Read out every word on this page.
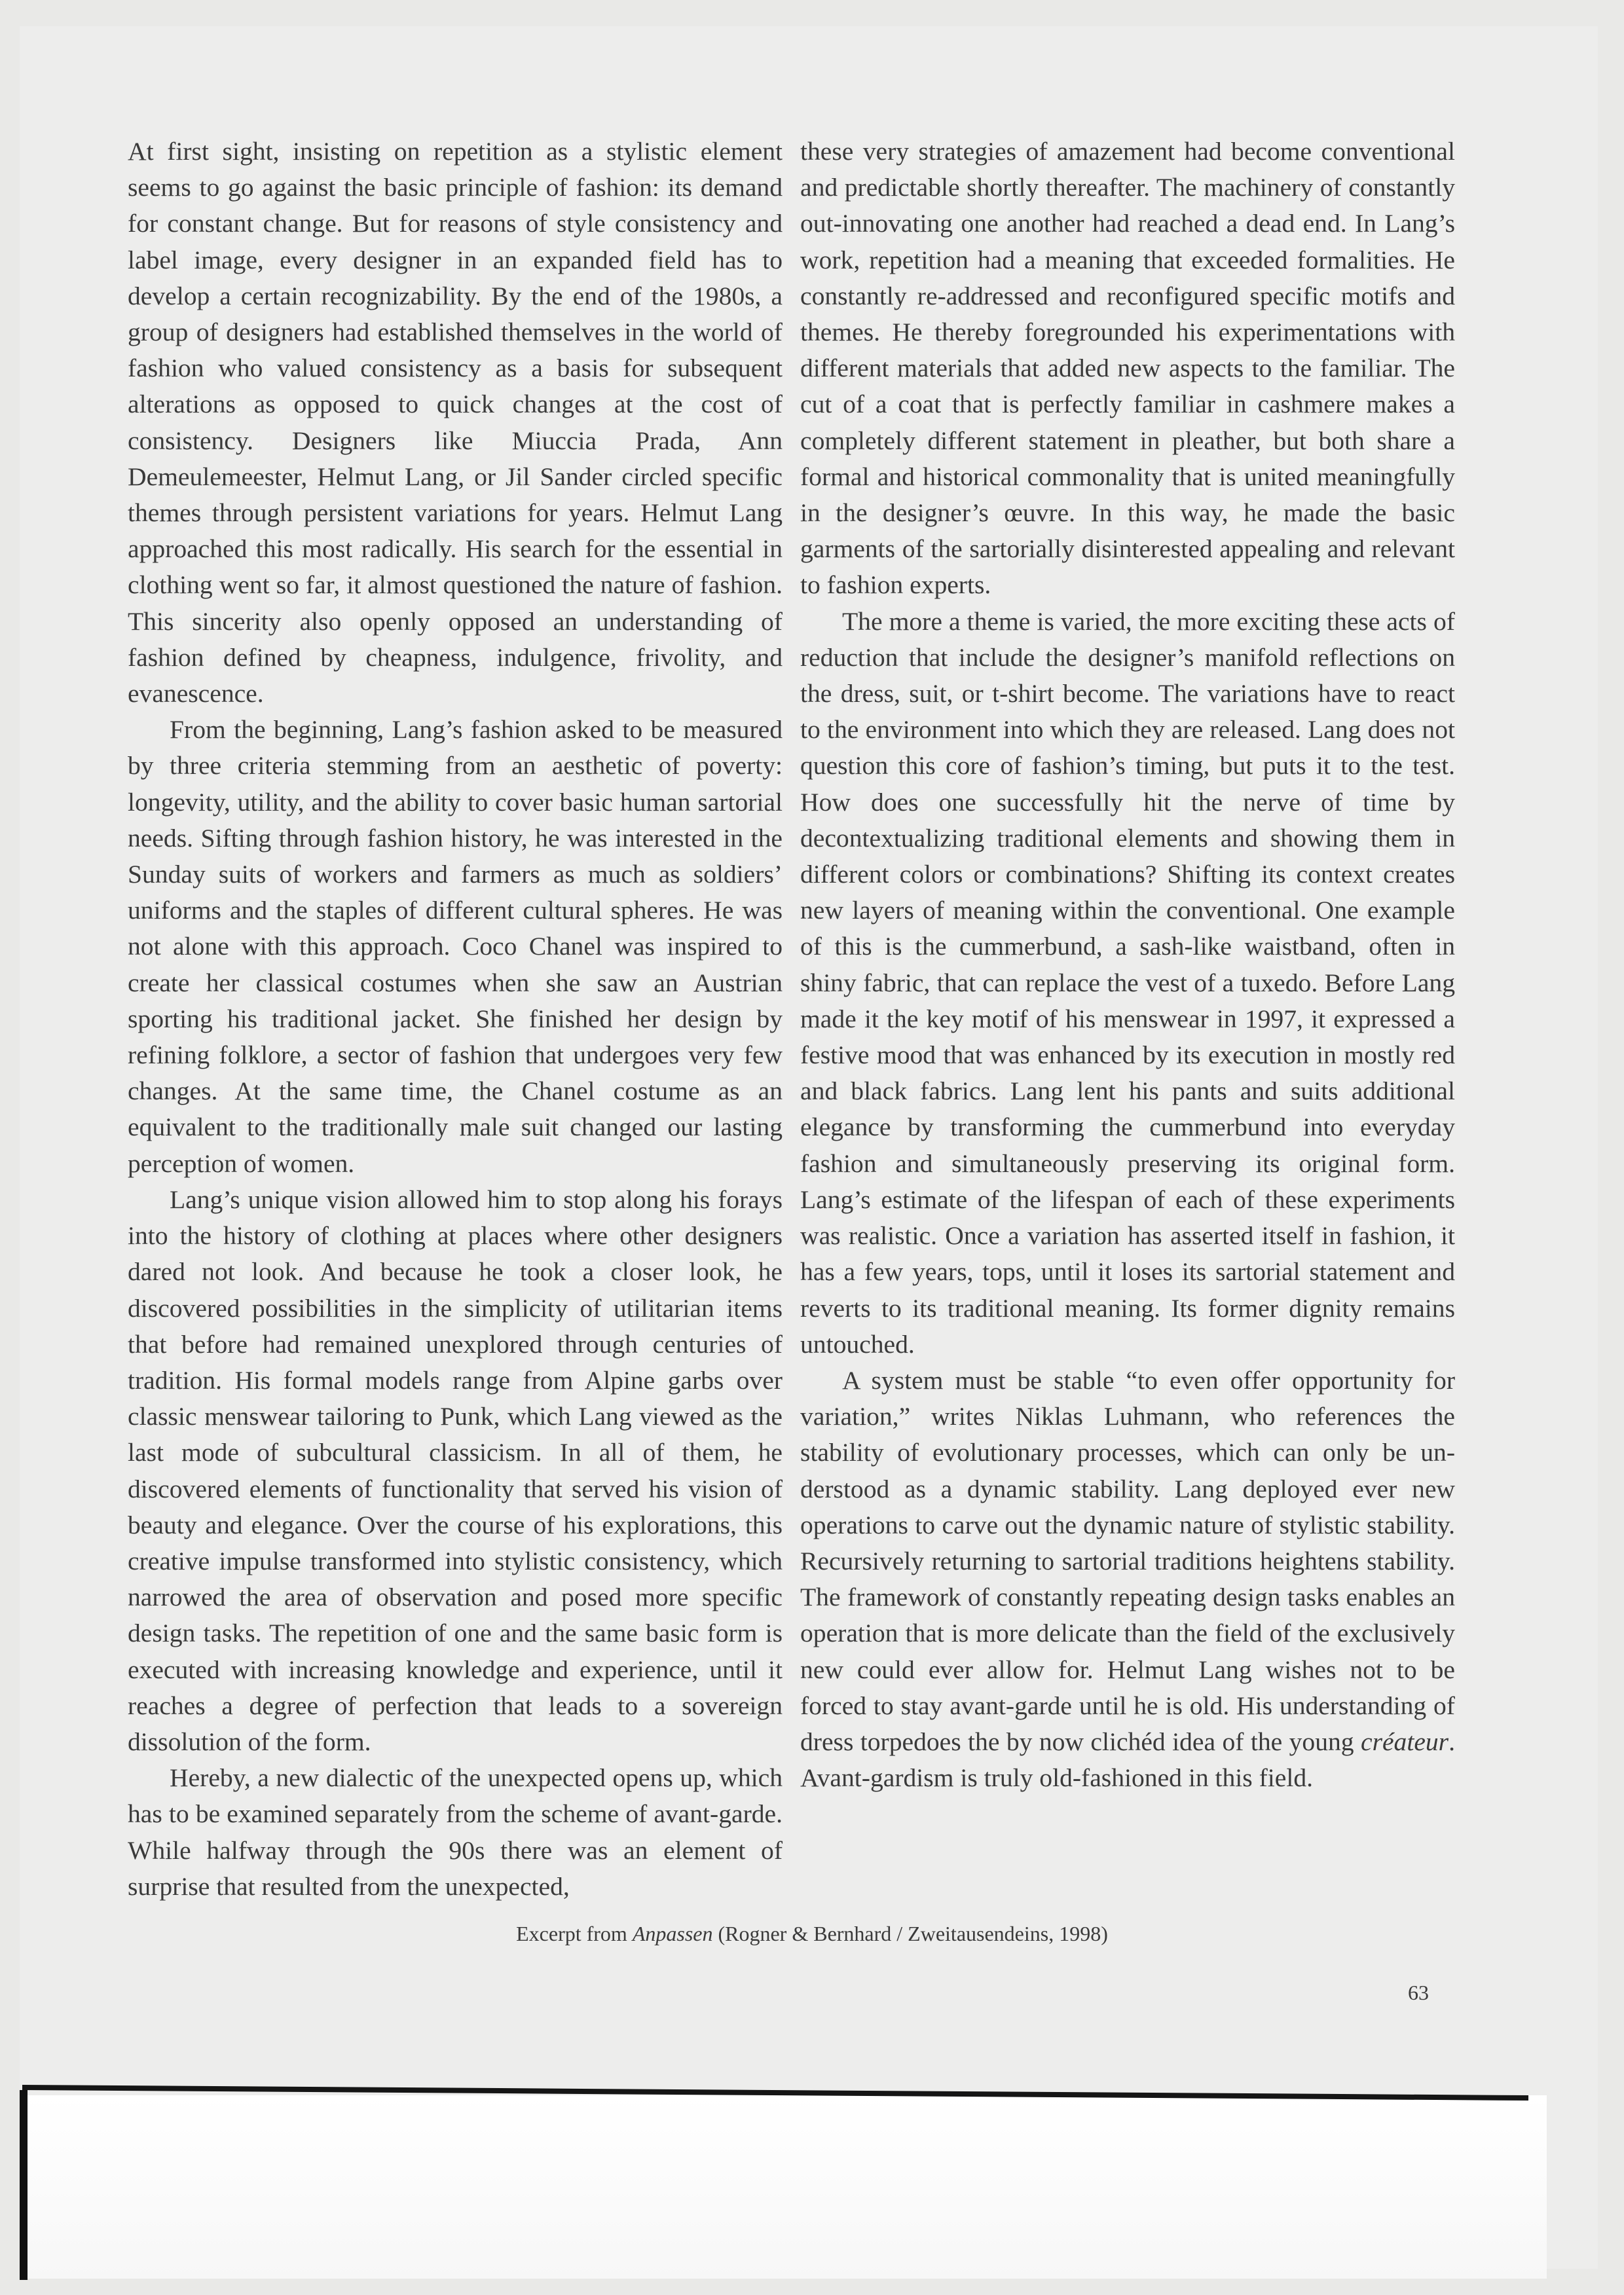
At first sight, insisting on repetition as a stylistic element seems to go against the basic principle of fashion: its demand for constant change. But for reasons of style consistency and label image, every designer in an expanded field has to develop a certain recognizability. By the end of the 1980s, a group of designers had established themselves in the world of fashion who valued consistency as a basis for subsequent alterations as opposed to quick changes at the cost of consistency. Designers like Miuccia Prada, Ann Demeulemeester, Helmut Lang, or Jil Sander circled specific themes through persistent variations for years. Helmut Lang approached this most radically. His search for the essential in clothing went so far, it almost questioned the nature of fashion. This sincerity also openly opposed an understanding of fashion defined by cheapness, indulgence, frivolity, and evanescence.

From the beginning, Lang’s fashion asked to be measured by three criteria stemming from an aesthetic of poverty: longevity, utility, and the ability to cover basic human sartorial needs. Sifting through fashion history, he was interested in the Sunday suits of workers and farmers as much as soldiers’ uniforms and the staples of different cultural spheres. He was not alone with this approach. Coco Chanel was inspired to create her classical costumes when she saw an Austrian sporting his traditional jacket. She finished her design by refining folklore, a sector of fashion that undergoes very few changes. At the same time, the Chanel costume as an equivalent to the traditionally male suit changed our lasting perception of women.

Lang’s unique vision allowed him to stop along his forays into the history of clothing at places where other designers dared not look. And because he took a closer look, he discovered possibilities in the simplicity of utilitarian items that before had remained unexplored through centuries of tradition. His formal models range from Alpine garbs over classic menswear tailoring to Punk, which Lang viewed as the last mode of subcultural classicism. In all of them, he discovered elements of functionality that served his vision of beauty and elegance. Over the course of his explorations, this creative impulse transformed into stylistic consistency, which narrowed the area of observation and posed more specific design tasks. The repetition of one and the same basic form is executed with increasing knowledge and experience, until it reaches a degree of perfection that leads to a sovereign dissolution of the form.

Hereby, a new dialectic of the unexpected opens up, which has to be examined separately from the scheme of avant-garde. While halfway through the 90s there was an element of surprise that resulted from the unexpected,

these very strategies of amazement had become conventional and predictable shortly thereafter. The machinery of constantly out-innovating one another had reached a dead end. In Lang’s work, repetition had a meaning that exceeded formalities. He constantly re-addressed and reconfigured specific motifs and themes. He thereby foregrounded his experimentations with different materials that added new aspects to the familiar. The cut of a coat that is perfectly familiar in cashmere makes a completely different statement in pleather, but both share a formal and historical commonality that is united meaningfully in the designer’s œuvre. In this way, he made the basic garments of the sartorially disinterested appealing and relevant to fashion experts.

The more a theme is varied, the more exciting these acts of reduction that include the designer’s manifold reflections on the dress, suit, or t-shirt become. The variations have to react to the environment into which they are released. Lang does not question this core of fashion’s timing, but puts it to the test. How does one successfully hit the nerve of time by decontextualizing traditional elements and showing them in different colors or combinations? Shifting its context creates new layers of meaning within the conventional. One example of this is the cummerbund, a sash-like waistband, often in shiny fabric, that can replace the vest of a tuxedo. Before Lang made it the key motif of his menswear in 1997, it expressed a festive mood that was enhanced by its execution in mostly red and black fabrics. Lang lent his pants and suits additional elegance by transforming the cummerbund into everyday fashion and simultaneously preserving its original form. Lang’s estimate of the lifespan of each of these experiments was realistic. Once a variation has asserted itself in fashion, it has a few years, tops, until it loses its sartorial statement and reverts to its traditional meaning. Its former dignity remains untouched.

A system must be stable “to even offer opportunity for variation,” writes Niklas Luhmann, who references the stability of evolutionary processes, which can only be understood as a dynamic stability. Lang deployed ever new operations to carve out the dynamic nature of stylistic stability. Recursively returning to sartorial traditions heightens stability. The framework of constantly repeating design tasks enables an operation that is more delicate than the field of the exclusively new could ever allow for. Helmut Lang wishes not to be forced to stay avant-garde until he is old. His understanding of dress torpedoes the by now clichéd idea of the young créateur. Avant-gardism is truly old-fashioned in this field.

Excerpt from Anpassen (Rogner & Bernhard / Zweitausendeins, 1998)
63
